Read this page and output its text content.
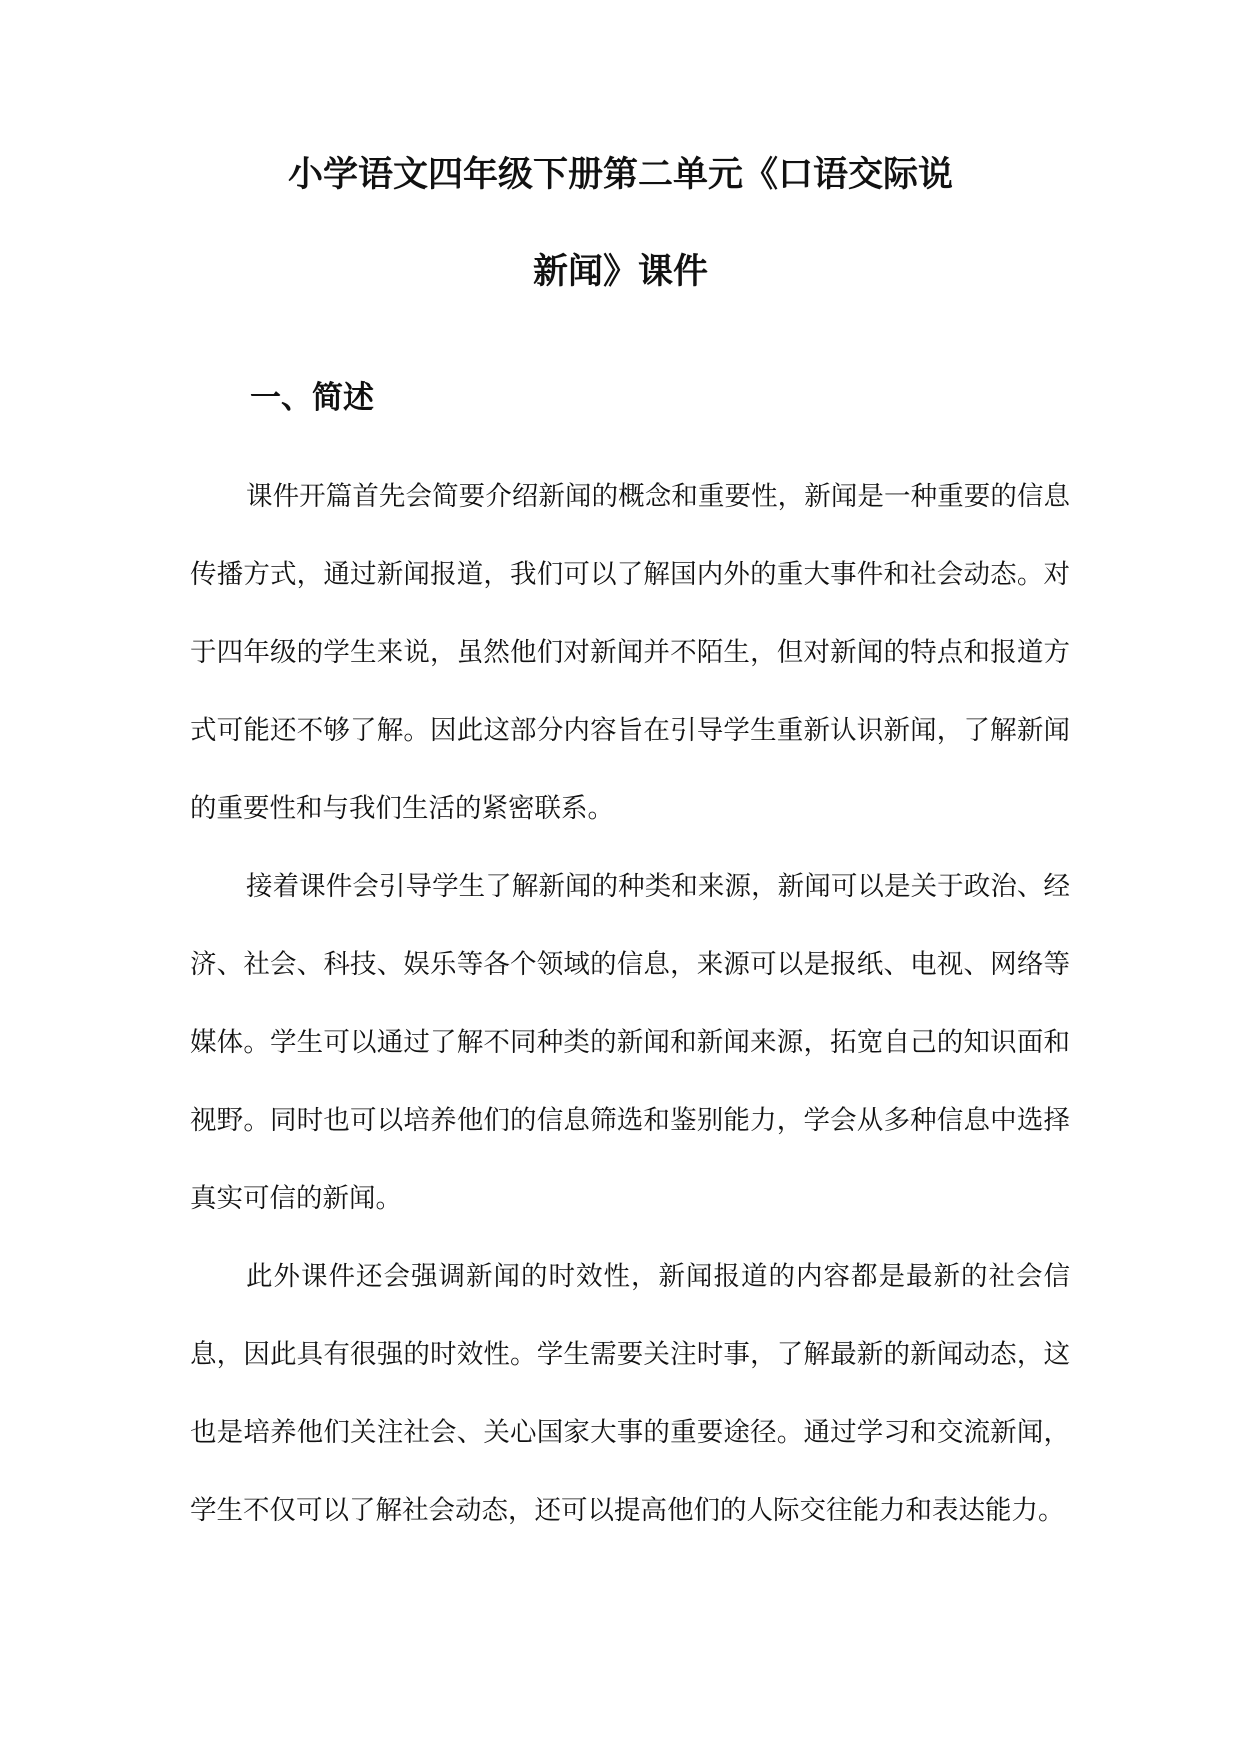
小学语文四年级下册第二单元《口语交际说
新闻》课件
一、简述

课件开篇首先会简要介绍新闻的概念和重要性，新闻是一种重要的信息传播方式，通过新闻报道，我们可以了解国内外的重大事件和社会动态。对于四年级的学生来说，虽然他们对新闻并不陌生，但对新闻的特点和报道方式可能还不够了解。因此这部分内容旨在引导学生重新认识新闻，了解新闻的重要性和与我们生活的紧密联系。

接着课件会引导学生了解新闻的种类和来源，新闻可以是关于政治、经济、社会、科技、娱乐等各个领域的信息，来源可以是报纸、电视、网络等媒体。学生可以通过了解不同种类的新闻和新闻来源，拓宽自己的知识面和视野。同时也可以培养他们的信息筛选和鉴别能力，学会从多种信息中选择真实可信的新闻。

此外课件还会强调新闻的时效性，新闻报道的内容都是最新的社会信息，因此具有很强的时效性。学生需要关注时事，了解最新的新闻动态，这也是培养他们关注社会、关心国家大事的重要途径。通过学习和交流新闻，学生不仅可以了解社会动态，还可以提高他们的人际交往能力和表达能力。
